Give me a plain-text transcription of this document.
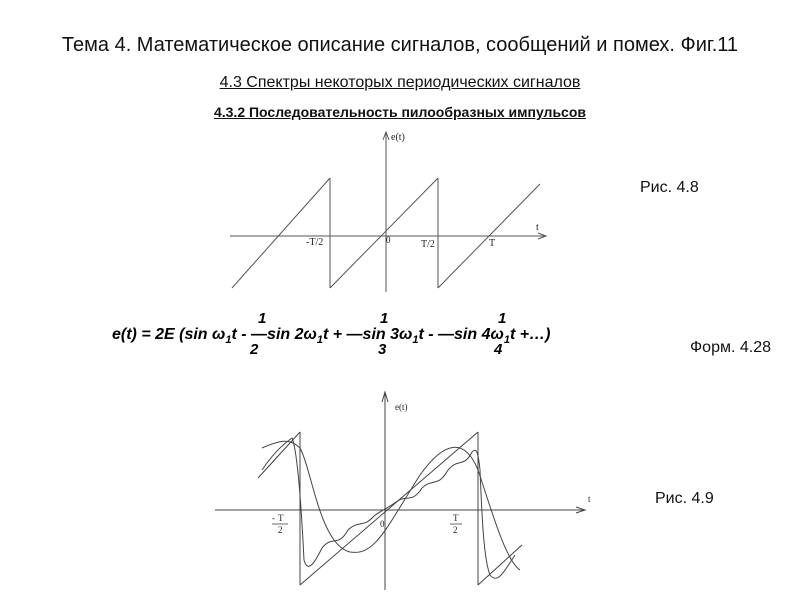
Тема 4. Математическое описание сигналов, сообщений и помех. Фиг.11
4.3 Спектры некоторых периодических сигналов
4.3.2 Последовательность пилообразных импульсов
Рис. 4.8
Форм. 4.28
Рис. 4.9
e(t)
t
-T/2	0	T/2	T
e(t) = 2E (sin $\omega_1t$ - —sin $2\omega_1t$ + —sin $3\omega_1t$ - —sin $4\omega_1t$ +…)
1
2
1
3
1
4
e(t)
t
- T
2
0
T
2
